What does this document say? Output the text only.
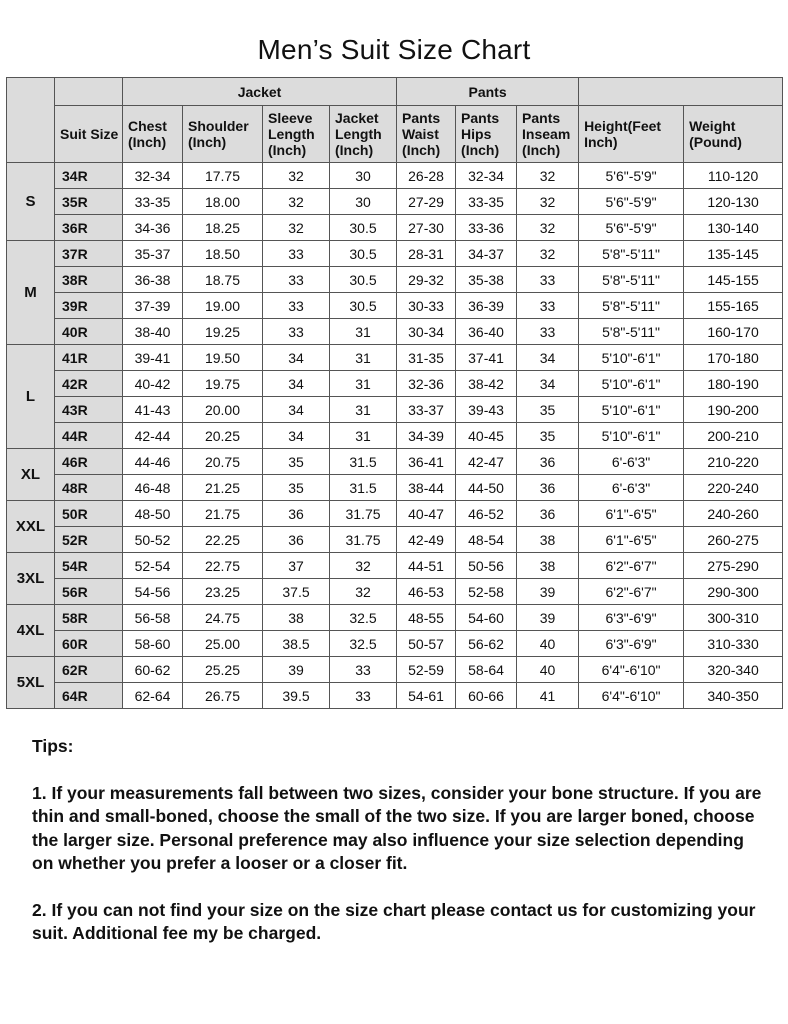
Men’s Suit Size Chart
		Jacket				Pants				
	Suit Size	Chest (Inch)	Shoulder (Inch)	Sleeve Length (Inch)	Jacket Length (Inch)	Pants Waist (Inch)	Pants Hips (Inch)	Pants Inseam (Inch)	Height(Feet Inch)	Weight (Pound)
S	34R	32-34	17.75	32	30	26-28	32-34	32	5'6"-5'9"	110-120
	35R	33-35	18.00	32	30	27-29	33-35	32	5'6"-5'9"	120-130
	36R	34-36	18.25	32	30.5	27-30	33-36	32	5'6"-5'9"	130-140
M	37R	35-37	18.50	33	30.5	28-31	34-37	32	5'8"-5'11"	135-145
	38R	36-38	18.75	33	30.5	29-32	35-38	33	5'8"-5'11"	145-155
	39R	37-39	19.00	33	30.5	30-33	36-39	33	5'8"-5'11"	155-165
	40R	38-40	19.25	33	31	30-34	36-40	33	5'8"-5'11"	160-170
L	41R	39-41	19.50	34	31	31-35	37-41	34	5'10"-6'1"	170-180
	42R	40-42	19.75	34	31	32-36	38-42	34	5'10"-6'1"	180-190
	43R	41-43	20.00	34	31	33-37	39-43	35	5'10"-6'1"	190-200
	44R	42-44	20.25	34	31	34-39	40-45	35	5'10"-6'1"	200-210
XL	46R	44-46	20.75	35	31.5	36-41	42-47	36	6'-6'3"	210-220
	48R	46-48	21.25	35	31.5	38-44	44-50	36	6'-6'3"	220-240
XXL	50R	48-50	21.75	36	31.75	40-47	46-52	36	6'1"-6'5"	240-260
	52R	50-52	22.25	36	31.75	42-49	48-54	38	6'1"-6'5"	260-275
3XL	54R	52-54	22.75	37	32	44-51	50-56	38	6'2"-6'7"	275-290
	56R	54-56	23.25	37.5	32	46-53	52-58	39	6'2"-6'7"	290-300
4XL	58R	56-58	24.75	38	32.5	48-55	54-60	39	6'3"-6'9"	300-310
	60R	58-60	25.00	38.5	32.5	50-57	56-62	40	6'3"-6'9"	310-330
5XL	62R	60-62	25.25	39	33	52-59	58-64	40	6'4"-6'10"	320-340
	64R	62-64	26.75	39.5	33	54-61	60-66	41	6'4"-6'10"	340-350

Tips:

1. If your measurements fall between two sizes, consider your bone structure. If you are thin and small-boned, choose the small of the two size. If you are larger boned, choose the larger size. Personal preference may also influence your size selection depending on whether you prefer a looser or a closer fit.

2. If you can not find your size on the size chart please contact us for customizing your suit. Additional fee my be charged.
